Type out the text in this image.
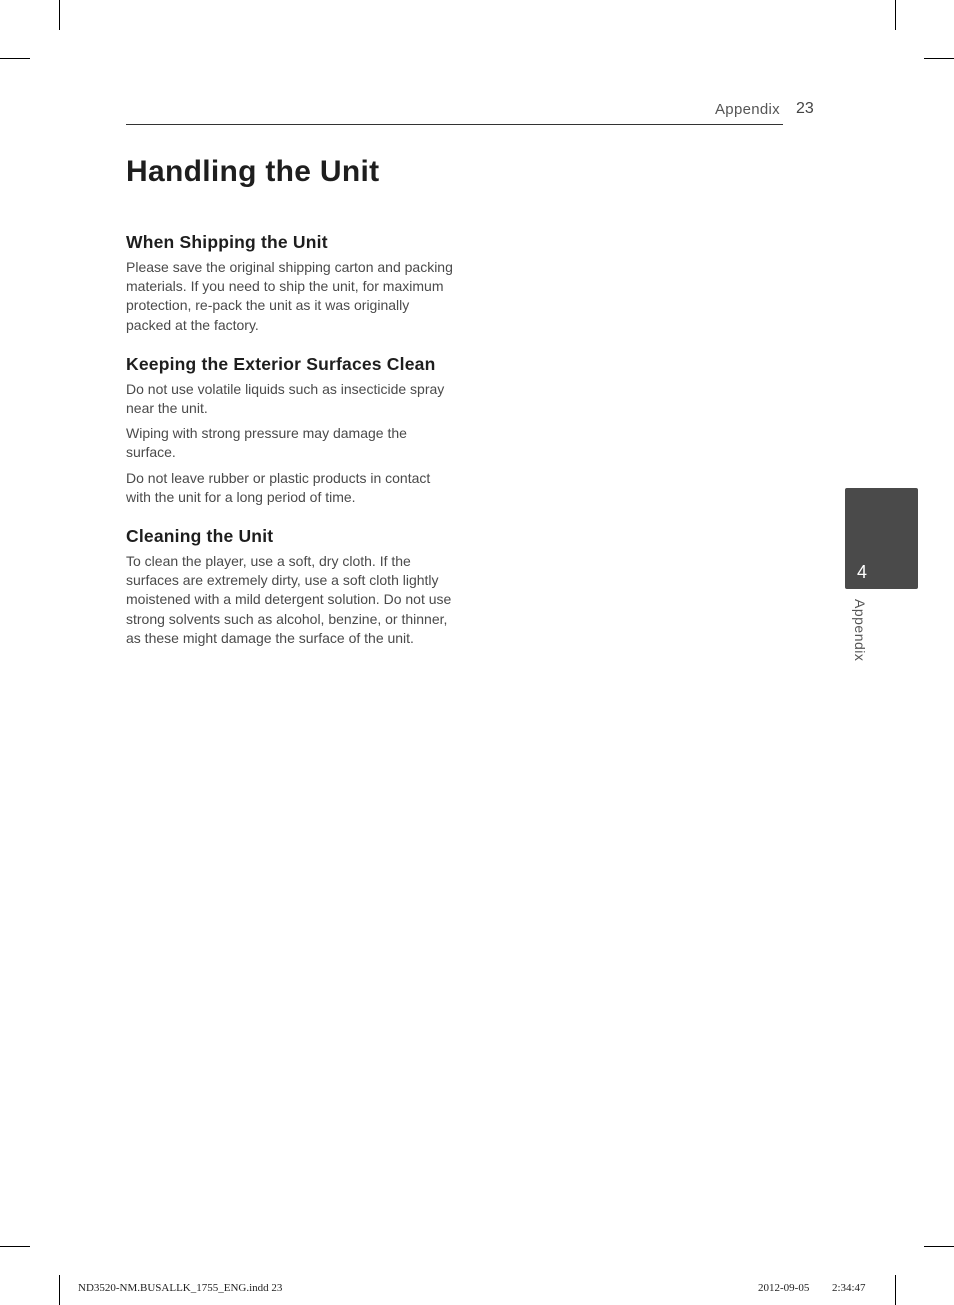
Appendix 23
Handling the Unit
When Shipping the Unit

Please save the original shipping carton and packing materials. If you need to ship the unit, for maximum protection, re-pack the unit as it was originally packed at the factory.

Keeping the Exterior Surfaces Clean

Do not use volatile liquids such as insecticide spray near the unit.

Wiping with strong pressure may damage the surface.

Do not leave rubber or plastic products in contact with the unit for a long period of time.

Cleaning the Unit

To clean the player, use a soft, dry cloth. If the surfaces are extremely dirty, use a soft cloth lightly moistened with a mild detergent solution. Do not use strong solvents such as alcohol, benzine, or thinner, as these might damage the surface of the unit.

4
Appendix
ND3520-NM.BUSALLK_1755_ENG.indd 23	2012-09-05 ￿￿ 2:34:47
